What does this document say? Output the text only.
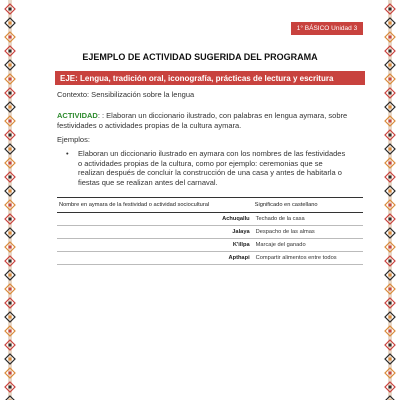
1° BÁSICO Unidad 3
EJEMPLO DE ACTIVIDAD SUGERIDA DEL PROGRAMA
EJE: Lengua, tradición oral, iconografía, prácticas de lectura y escritura
Contexto: Sensibilización sobre la lengua
ACTIVIDAD: : Elaboran un diccionario ilustrado, con palabras en lengua aymara, sobre festividades o actividades propias de la cultura aymara.
Ejemplos:
•	Elaboran un diccionario ilustrado en aymara con los nombres de las festividades o actividades propias de la cultura, como por ejemplo: ceremonias que se realizan después de concluir la construcción de una casa y antes de habitarla o fiestas que se realizan antes del carnaval.
Nombre en aymara de la festividad o actividad sociocultural	Significado en castellano
Achuqallu	Techado de la casa
Jalaya	Despacho de las almas
K'illpa	Marcaje del ganado
Apthapi	Compartir alimentos entre todos
